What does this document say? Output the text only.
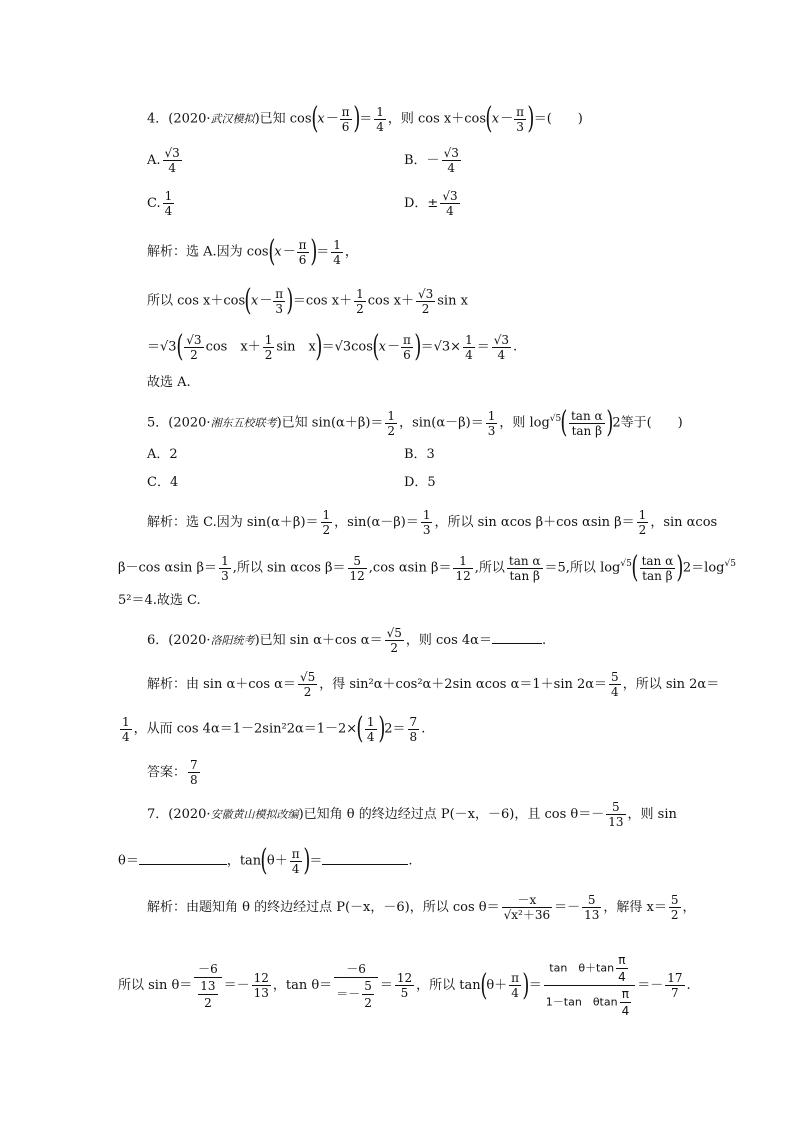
4．(2020·武汉模拟)已知 $\cos(x- \frac{\pi}{6}$ )＝ $\frac{1}{4}$ ，则 $\cos x+\cos(x- \frac{\pi}{3}$ )＝(　　)
A. $\frac{√3}{4}$	B．－ $\frac{√3}{4}$
C. $\frac{1}{4}$	D．± $\frac{√3}{4}$
解析：选 A.因为 $\cos(x- \frac{\pi}{6}$ )＝ $\frac{1}{4}$ ，
所以 $\cos x+\cos(x- \frac{\pi}{3} )=\cos$ $x+ \frac{1}{2}$ $\cos x+ \frac{√3}{2}$ sin x
$=√3( \frac{√3}{2}$ cos　$x+ \frac{1}{2}$ sin　$x)=√3\cos(x- \frac{\pi}{6} )=√3\times \frac{1}{4} = \frac{√3}{4}$ .
故选 A.
5．(2020·湘东五校联考)已知 $\sin(\alpha+\beta)= \frac{1}{2}$ ，$\sin(\alpha-\beta)= \frac{1}{3}$ ，则 $\log^{√5}( \frac{\text{tan α}}{\text{tan β}} )2$等于(　　)
A．2	B．3
C．4	D．5
解析：选 C.因为 $\sin(\alpha+\beta)= \frac{1}{2}$ ，$\sin(\alpha-\beta)= \frac{1}{3}$ ，所以 sin αcos β＋cos αsin $\beta= \frac{1}{2}$ ，sin αcos
β－cos αsin $\beta= \frac{1}{3}$ ,所以 sin αcos $\beta= \frac{5}{12} ,\cos$ αsin $\beta= \frac{1}{12}$ ,所以 $\frac{\text{tan α}}{\text{tan β}} =5$,所以 $\log^{√5}( \frac{\text{tan α}}{\text{tan β}} )2=\log^{√5}$
5²＝4.故选 C.
6．(2020·洛阳统考)已知 sin α＋cos $\alpha= \frac{√5}{2}$ ，则 cos 4α＝	.
解析：由 sin α＋cos $\alpha= \frac{√5}{2}$ ，得 sin²α＋cos²α＋2sin αcos α＝1＋sin $2\alpha= \frac{5}{4}$ ，所以 sin 2α＝
$\frac{1}{4}$ ，从而 $\cos 4\alpha=1-2\sin^22\alpha=1-2\times( \frac{1}{4} )2= \frac{7}{8}$ .
答案： $\frac{7}{8}$
7．(2020·安徽黄山模拟改编)已知角 θ 的终边经过点 P(－x，－6)，且 $\cos \theta=- \frac{5}{13}$ ，则 sin
θ＝	，$\tan(\theta+ \frac{\pi}{4}$ )＝	.
解析：由题知角 θ 的终边经过点 P(－x，－6)，所以 $\cos \theta= \frac{-x}{\text{√x²＋36}} =- \frac{5}{13}$ ，解得 $x= \frac{5}{2}$ ，
所以 $\sin \theta= \frac{-6}{\frac{13}{2}} =- \frac{12}{13}$ ，$\tan \theta= \frac{-6}{=- \frac{5}{2}} = \frac{12}{5}$ ，所以 $\tan(\theta+ \frac{\pi}{4}$ )＝ $\frac{\tan \theta+\tan \frac{\pi}{4}}{1-\tan \theta\tan \frac{\pi}{4}} =- \frac{17}{7}$ .
